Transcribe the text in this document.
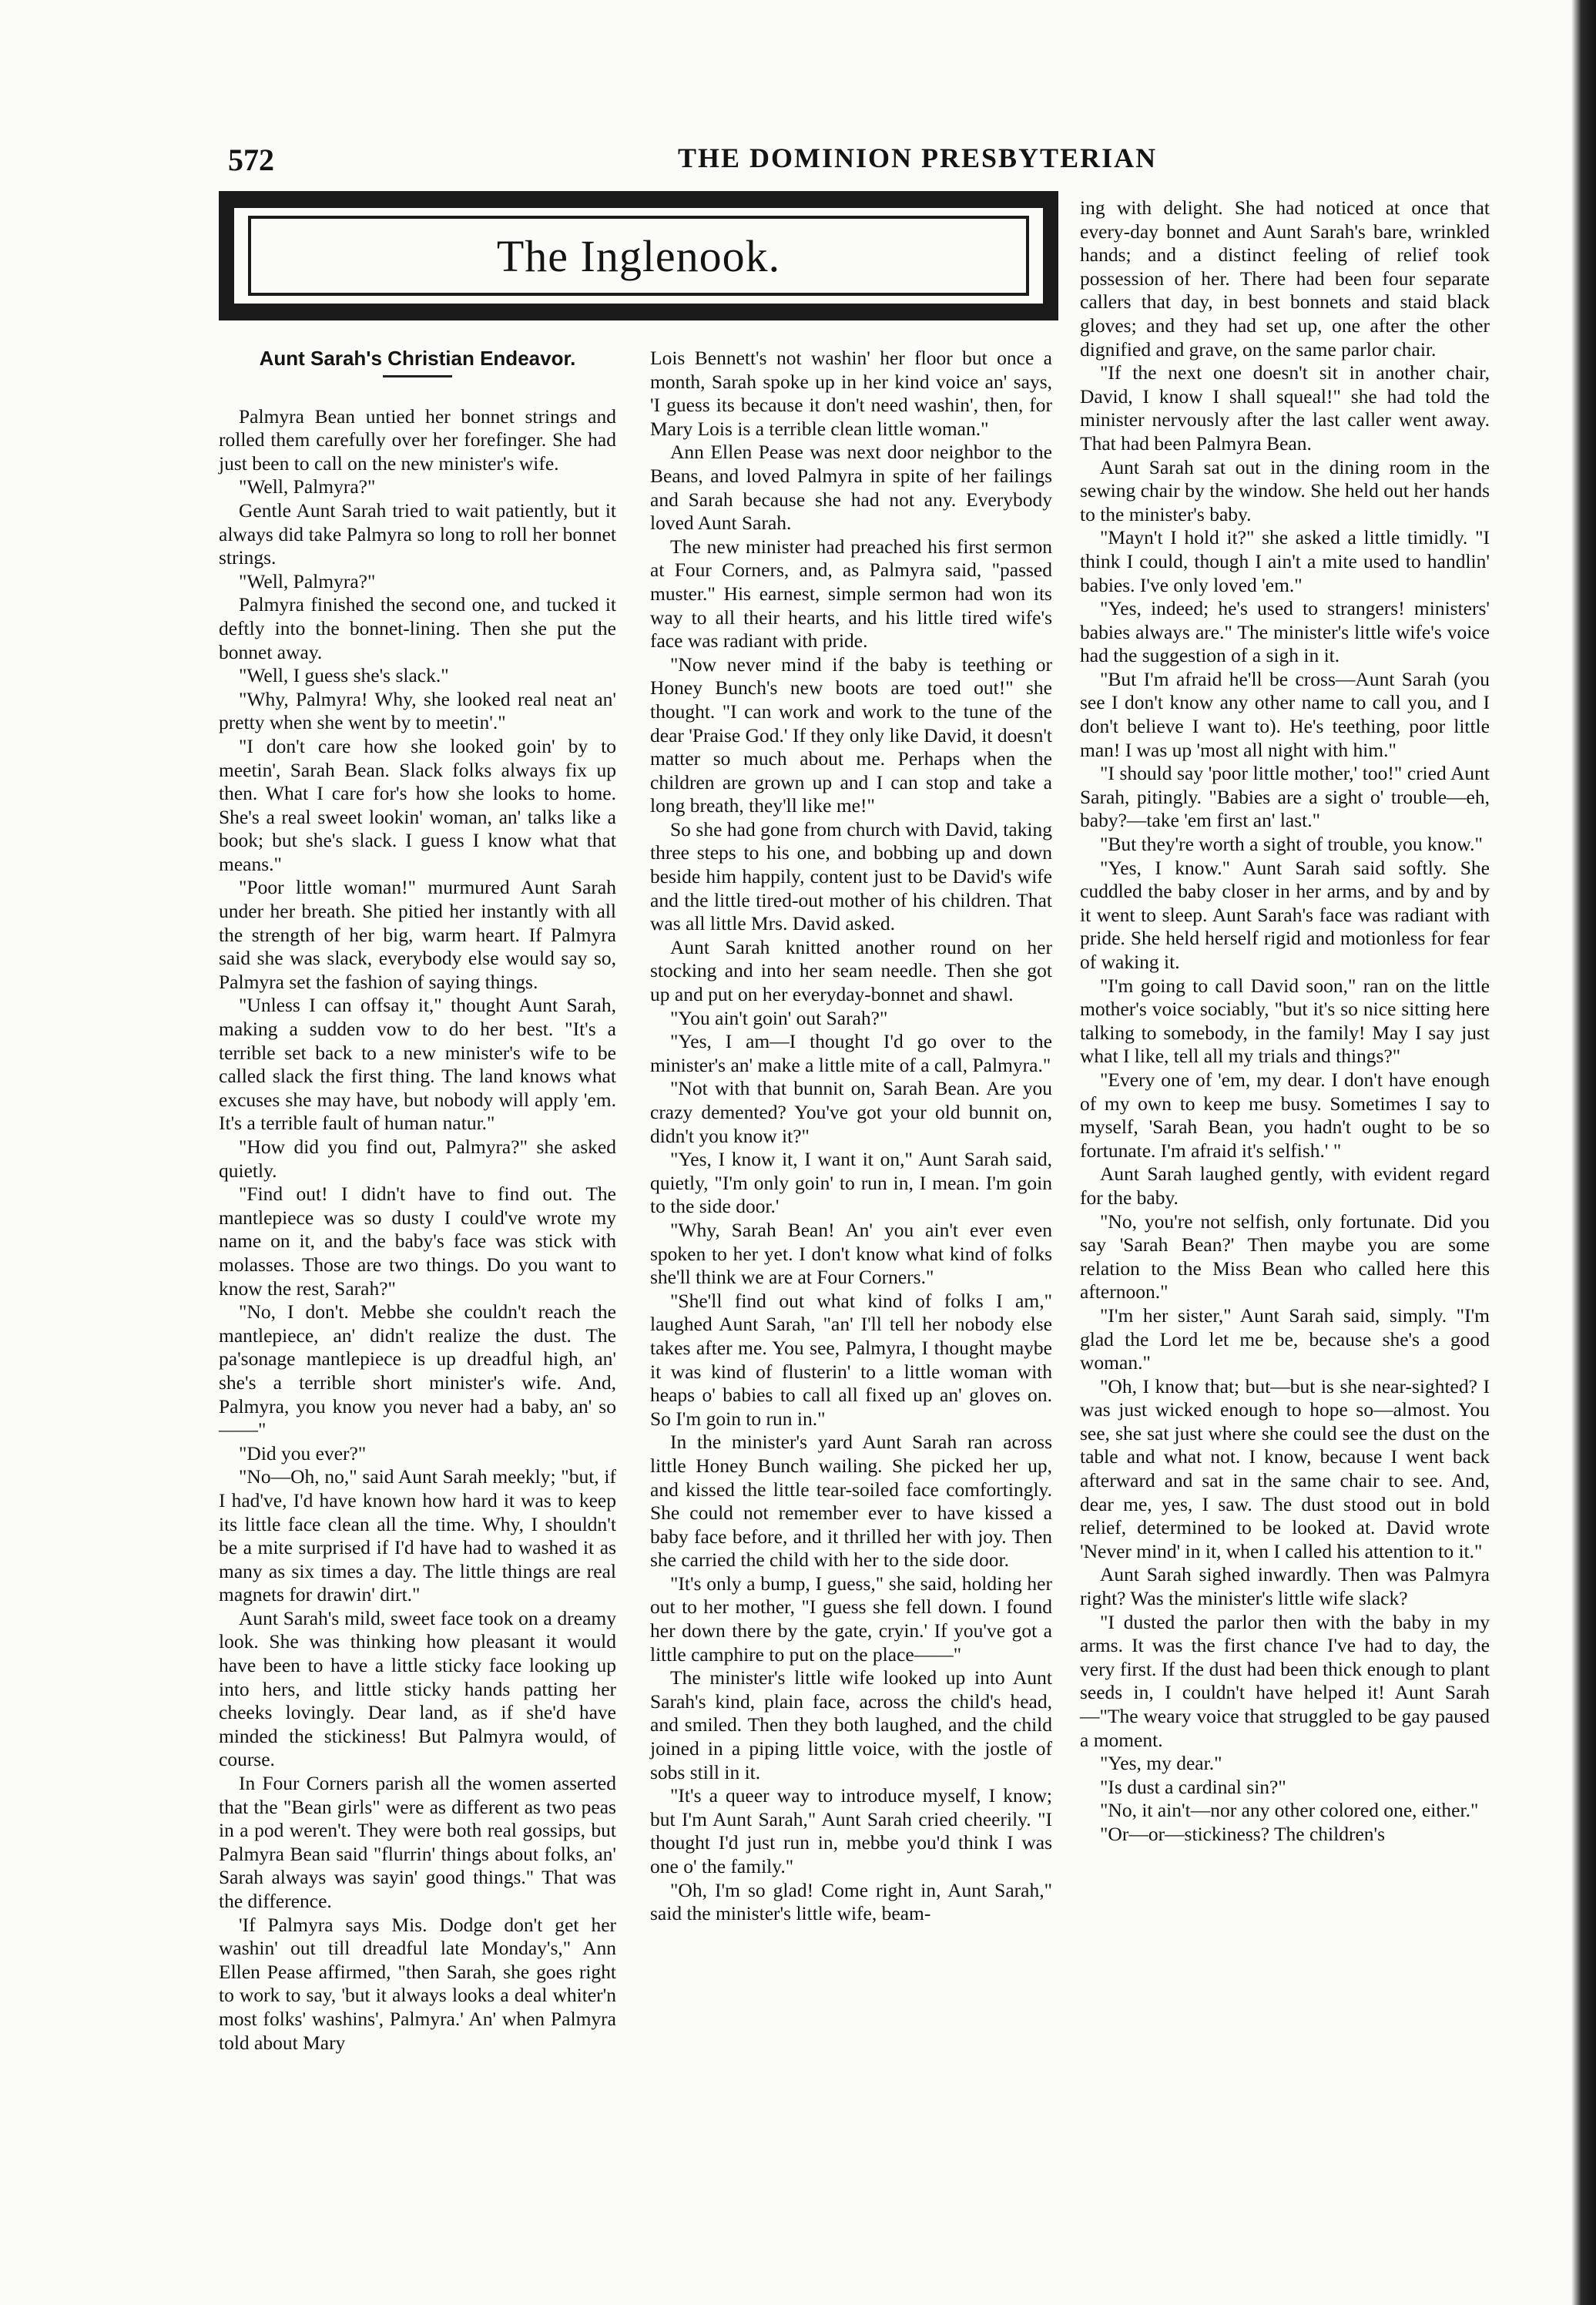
572	THE DOMINION PRESBYTERIAN
The Inglenook.
Aunt Sarah's Christian Endeavor.

Palmyra Bean untied her bonnet strings and rolled them carefully over her forefinger. She had just been to call on the new minister's wife.

"Well, Palmyra?"

Gentle Aunt Sarah tried to wait patiently, but it always did take Palmyra so long to roll her bonnet strings.

"Well, Palmyra?"

Palmyra finished the second one, and tucked it deftly into the bonnet-lining. Then she put the bonnet away.

"Well, I guess she's slack."

"Why, Palmyra! Why, she looked real neat an' pretty when she went by to meetin'."

"I don't care how she looked goin' by to meetin', Sarah Bean. Slack folks always fix up then. What I care for's how she looks to home. She's a real sweet lookin' woman, an' talks like a book; but she's slack. I guess I know what that means."

"Poor little woman!" murmured Aunt Sarah under her breath. She pitied her instantly with all the strength of her big, warm heart. If Palmyra said she was slack, everybody else would say so, Palmyra set the fashion of saying things.

"Unless I can offsay it," thought Aunt Sarah, making a sudden vow to do her best. "It's a terrible set back to a new minister's wife to be called slack the first thing. The land knows what excuses she may have, but nobody will apply 'em. It's a terrible fault of human natur."

"How did you find out, Palmyra?" she asked quietly.

"Find out! I didn't have to find out. The mantlepiece was so dusty I could've wrote my name on it, and the baby's face was stick with molasses. Those are two things. Do you want to know the rest, Sarah?"

"No, I don't. Mebbe she couldn't reach the mantlepiece, an' didn't realize the dust. The pa'sonage mantlepiece is up dreadful high, an' she's a terrible short minister's wife. And, Palmyra, you know you never had a baby, an' so——"

"Did you ever?"

"No—Oh, no," said Aunt Sarah meekly; "but, if I had've, I'd have known how hard it was to keep its little face clean all the time. Why, I shouldn't be a mite surprised if I'd have had to washed it as many as six times a day. The little things are real magnets for drawin' dirt."

Aunt Sarah's mild, sweet face took on a dreamy look. She was thinking how pleasant it would have been to have a little sticky face looking up into hers, and little sticky hands patting her cheeks lovingly. Dear land, as if she'd have minded the stickiness! But Palmyra would, of course.

In Four Corners parish all the women asserted that the "Bean girls" were as different as two peas in a pod weren't. They were both real gossips, but Palmyra Bean said "flurrin' things about folks, an' Sarah always was sayin' good things." That was the difference.

'If Palmyra says Mis. Dodge don't get her washin' out till dreadful late Monday's," Ann Ellen Pease affirmed, "then Sarah, she goes right to work to say, 'but it always looks a deal whiter'n most folks' washins', Palmyra.' An' when Palmyra told about Mary

Lois Bennett's not washin' her floor but once a month, Sarah spoke up in her kind voice an' says, 'I guess its because it don't need washin', then, for Mary Lois is a terrible clean little woman."

Ann Ellen Pease was next door neighbor to the Beans, and loved Palmyra in spite of her failings and Sarah because she had not any. Everybody loved Aunt Sarah.

The new minister had preached his first sermon at Four Corners, and, as Palmyra said, "passed muster." His earnest, simple sermon had won its way to all their hearts, and his little tired wife's face was radiant with pride.

"Now never mind if the baby is teething or Honey Bunch's new boots are toed out!" she thought. "I can work and work to the tune of the dear 'Praise God.' If they only like David, it doesn't matter so much about me. Perhaps when the children are grown up and I can stop and take a long breath, they'll like me!"

So she had gone from church with David, taking three steps to his one, and bobbing up and down beside him happily, content just to be David's wife and the little tired-out mother of his children. That was all little Mrs. David asked.

Aunt Sarah knitted another round on her stocking and into her seam needle. Then she got up and put on her everyday-bonnet and shawl.

"You ain't goin' out Sarah?"

"Yes, I am—I thought I'd go over to the minister's an' make a little mite of a call, Palmyra."

"Not with that bunnit on, Sarah Bean. Are you crazy demented? You've got your old bunnit on, didn't you know it?"

"Yes, I know it, I want it on," Aunt Sarah said, quietly, "I'm only goin' to run in, I mean. I'm goin to the side door.'

"Why, Sarah Bean! An' you ain't ever even spoken to her yet. I don't know what kind of folks she'll think we are at Four Corners."

"She'll find out what kind of folks I am," laughed Aunt Sarah, "an' I'll tell her nobody else takes after me. You see, Palmyra, I thought maybe it was kind of flusterin' to a little woman with heaps o' babies to call all fixed up an' gloves on. So I'm goin to run in."

In the minister's yard Aunt Sarah ran across little Honey Bunch wailing. She picked her up, and kissed the little tear-soiled face comfortingly. She could not remember ever to have kissed a baby face before, and it thrilled her with joy. Then she carried the child with her to the side door.

"It's only a bump, I guess," she said, holding her out to her mother, "I guess she fell down. I found her down there by the gate, cryin.' If you've got a little camphire to put on the place——"

The minister's little wife looked up into Aunt Sarah's kind, plain face, across the child's head, and smiled. Then they both laughed, and the child joined in a piping little voice, with the jostle of sobs still in it.

"It's a queer way to introduce myself, I know; but I'm Aunt Sarah," Aunt Sarah cried cheerily. "I thought I'd just run in, mebbe you'd think I was one o' the family."

"Oh, I'm so glad! Come right in, Aunt Sarah," said the minister's little wife, beam-

ing with delight. She had noticed at once that every-day bonnet and Aunt Sarah's bare, wrinkled hands; and a distinct feeling of relief took possession of her. There had been four separate callers that day, in best bonnets and staid black gloves; and they had set up, one after the other dignified and grave, on the same parlor chair.

"If the next one doesn't sit in another chair, David, I know I shall squeal!" she had told the minister nervously after the last caller went away. That had been Palmyra Bean.

Aunt Sarah sat out in the dining room in the sewing chair by the window. She held out her hands to the minister's baby.

"Mayn't I hold it?" she asked a little timidly. "I think I could, though I ain't a mite used to handlin' babies. I've only loved 'em."

"Yes, indeed; he's used to strangers! ministers' babies always are." The minister's little wife's voice had the suggestion of a sigh in it.

"But I'm afraid he'll be cross—Aunt Sarah (you see I don't know any other name to call you, and I don't believe I want to). He's teething, poor little man! I was up 'most all night with him."

"I should say 'poor little mother,' too!" cried Aunt Sarah, pitingly. "Babies are a sight o' trouble—eh, baby?—take 'em first an' last."

"But they're worth a sight of trouble, you know."

"Yes, I know." Aunt Sarah said softly. She cuddled the baby closer in her arms, and by and by it went to sleep. Aunt Sarah's face was radiant with pride. She held herself rigid and motionless for fear of waking it.

"I'm going to call David soon," ran on the little mother's voice sociably, "but it's so nice sitting here talking to somebody, in the family! May I say just what I like, tell all my trials and things?"

"Every one of 'em, my dear. I don't have enough of my own to keep me busy. Sometimes I say to myself, 'Sarah Bean, you hadn't ought to be so fortunate. I'm afraid it's selfish.' "

Aunt Sarah laughed gently, with evident regard for the baby.

"No, you're not selfish, only fortunate. Did you say 'Sarah Bean?' Then maybe you are some relation to the Miss Bean who called here this afternoon."

"I'm her sister," Aunt Sarah said, simply. "I'm glad the Lord let me be, because she's a good woman."

"Oh, I know that; but—but is she near-sighted? I was just wicked enough to hope so—almost. You see, she sat just where she could see the dust on the table and what not. I know, because I went back afterward and sat in the same chair to see. And, dear me, yes, I saw. The dust stood out in bold relief, determined to be looked at. David wrote 'Never mind' in it, when I called his attention to it."

Aunt Sarah sighed inwardly. Then was Palmyra right? Was the minister's little wife slack?

"I dusted the parlor then with the baby in my arms. It was the first chance I've had to day, the very first. If the dust had been thick enough to plant seeds in, I couldn't have helped it! Aunt Sarah—"The weary voice that struggled to be gay paused a moment.

"Yes, my dear."

"Is dust a cardinal sin?"

"No, it ain't—nor any other colored one, either."

"Or—or—stickiness? The children's
